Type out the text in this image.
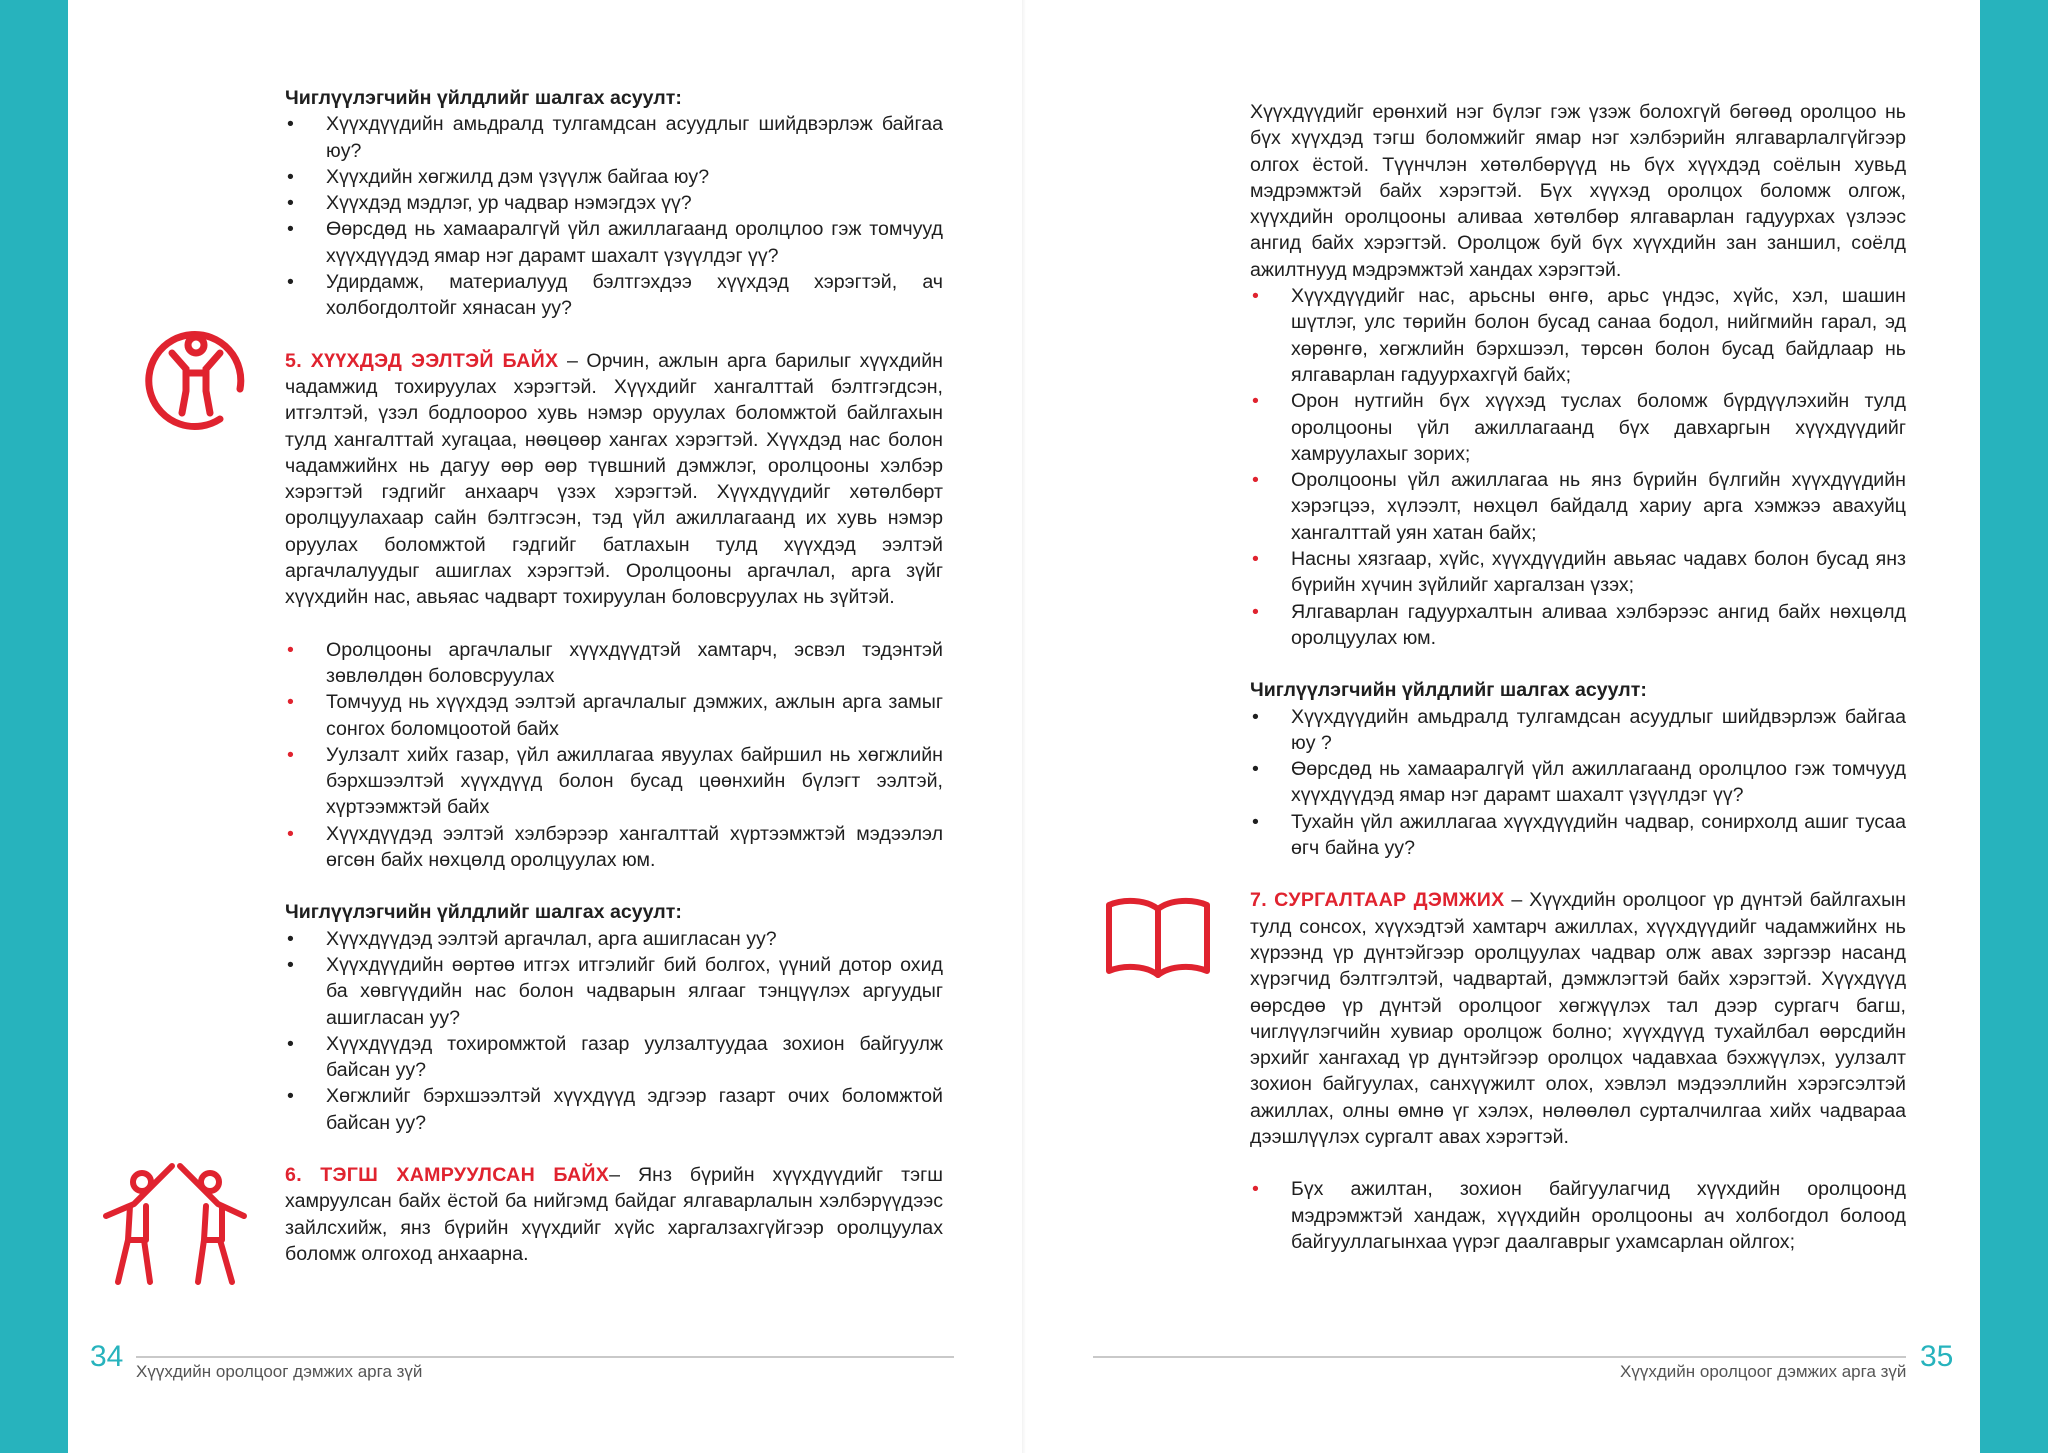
Чиглүүлэгчийн үйлдлийг шалгах асуулт:
• Хүүхдүүдийн амьдралд тулгамдсан асуудлыг шийдвэрлэж байгаа юу?
• Хүүхдийн хөгжилд дэм үзүүлж байгаа юу?
• Хүүхдэд мэдлэг, ур чадвар нэмэгдэх үү?
• Өөрсдөд нь хамааралгүй үйл ажиллагаанд оролцлоо гэж томчууд хүүхдүүдэд ямар нэг дарамт шахалт үзүүлдэг үү?
• Удирдамж, материалууд бэлтгэхдээ хүүхдэд хэрэгтэй, ач холбогдолтойг хянасан уу?

5. ХҮҮХДЭД ЭЭЛТЭЙ БАЙХ – Орчин, ажлын арга барилыг хүүхдийн чадамжид тохируулах хэрэгтэй. Хүүхдийг хангалттай бэлтгэгдсэн, итгэлтэй, үзэл бодлоороо хувь нэмэр оруулах боломжтой байлгахын тулд хангалттай хугацаа, нөөцөөр хангах хэрэгтэй. Хүүхдэд нас болон чадамжийнх нь дагуу өөр өөр түвшний дэмжлэг, оролцооны хэлбэр хэрэгтэй гэдгийг анхаарч үзэх хэрэгтэй. Хүүхдүүдийг хөтөлбөрт оролцуулахаар сайн бэлтгэсэн, тэд үйл ажиллагаанд их хувь нэмэр оруулах боломжтой гэдгийг батлахын тулд хүүхдэд ээлтэй аргачлалуудыг ашиглах хэрэгтэй. Оролцооны аргачлал, арга зүйг хүүхдийн нас, авьяас чадварт тохируулан боловсруулах нь зүйтэй.

• Оролцооны аргачлалыг хүүхдүүдтэй хамтарч, эсвэл тэдэнтэй зөвлөлдөн боловсруулах
• Томчууд нь хүүхдэд ээлтэй аргачлалыг дэмжих, ажлын арга замыг сонгох боломцоотой байх
• Уулзалт хийх газар, үйл ажиллагаа явуулах байршил нь хөгжлийн бэрхшээлтэй хүүхдүүд болон бусад цөөнхийн бүлэгт ээлтэй, хүртээмжтэй байх
• Хүүхдүүдэд ээлтэй хэлбэрээр хангалттай хүртээмжтэй мэдээлэл өгсөн байх нөхцөлд оролцуулах юм.
Чиглүүлэгчийн үйлдлийг шалгах асуулт:
• Хүүхдүүдэд ээлтэй аргачлал, арга ашигласан уу?
• Хүүхдүүдийн өөртөө итгэх итгэлийг бий болгох, үүний дотор охид ба хөвгүүдийн нас болон чадварын ялгааг тэнцүүлэх аргуудыг ашигласан уу?
• Хүүхдүүдэд тохиромжтой газар уулзалтуудаа зохион байгуулж байсан уу?
• Хөгжлийг бэрхшээлтэй хүүхдүүд эдгээр газарт очих боломжтой байсан уу?

6. ТЭГШ ХАМРУУЛСАН БАЙХ– Янз бүрийн хүүхдүүдийг тэгш хамруулсан байх ёстой ба нийгэмд байдаг ялгаварлалын хэлбэрүүдээс зайлсхийж, янз бүрийн хүүхдийг хүйс харгалзахгүйгээр оролцуулах боломж олгоход анхаарна.

34 Хүүхдийн оролцоог дэмжих арга зүй

Хүүхдүүдийг ерөнхий нэг бүлэг гэж үзэж болохгүй бөгөөд оролцоо нь бүх хүүхдэд тэгш боломжийг ямар нэг хэлбэрийн ялгаварлалгүйгээр олгох ёстой. Түүнчлэн хөтөлбөрүүд нь бүх хүүхдэд соёлын хувьд мэдрэмжтэй байх хэрэгтэй. Бүх хүүхэд оролцох боломж олгож, хүүхдийн оролцооны аливаа хөтөлбөр ялгаварлан гадуурхах үзлээс ангид байх хэрэгтэй. Оролцож буй бүх хүүхдийн зан заншил, соёлд ажилтнууд мэдрэмжтэй хандах хэрэгтэй.

• Хүүхдүүдийг нас, арьсны өнгө, арьс үндэс, хүйс, хэл, шашин шүтлэг, улс төрийн болон бусад санаа бодол, нийгмийн гарал, эд хөрөнгө, хөгжлийн бэрхшээл, төрсөн болон бусад байдлаар нь ялгаварлан гадуурхахгүй байх;
• Орон нутгийн бүх хүүхэд туслах боломж бүрдүүлэхийн тулд оролцооны үйл ажиллагаанд бүх давхаргын хүүхдүүдийг хамруулахыг зорих;
• Оролцооны үйл ажиллагаа нь янз бүрийн бүлгийн хүүхдүүдийн хэрэгцээ, хүлээлт, нөхцөл байдалд хариу арга хэмжээ авахуйц хангалттай уян хатан байх;
• Насны хязгаар, хүйс, хүүхдүүдийн авьяас чадавх болон бусад янз бүрийн хүчин зүйлийг харгалзан үзэх;
• Ялгаварлан гадуурхалтын аливаа хэлбэрээс ангид байх нөхцөлд оролцуулах юм.
Чиглүүлэгчийн үйлдлийг шалгах асуулт:
• Хүүхдүүдийн амьдралд тулгамдсан асуудлыг шийдвэрлэж байгаа юу ?
• Өөрсдөд нь хамааралгүй үйл ажиллагаанд оролцлоо гэж томчууд хүүхдүүдэд ямар нэг дарамт шахалт үзүүлдэг үү?
• Тухайн үйл ажиллагаа хүүхдүүдийн чадвар, сонирхолд ашиг тусаа өгч байна уу?

7. СУРГАЛТААР ДЭМЖИХ – Хүүхдийн оролцоог үр дүнтэй байлгахын тулд сонсох, хүүхэдтэй хамтарч ажиллах, хүүхдүүдийг чадамжийнх нь хүрээнд үр дүнтэйгээр оролцуулах чадвар олж авах зэргээр насанд хүрэгчид бэлтгэлтэй, чадвартай, дэмжлэгтэй байх хэрэгтэй. Хүүхдүүд өөрсдөө үр дүнтэй оролцоог хөгжүүлэх тал дээр сургагч багш, чиглүүлэгчийн хувиар оролцож болно; хүүхдүүд тухайлбал өөрсдийн эрхийг хангахад үр дүнтэйгээр оролцох чадавхаа бэхжүүлэх, уулзалт зохион байгуулах, санхүүжилт олох, хэвлэл мэдээллийн хэрэгсэлтэй ажиллах, олны өмнө үг хэлэх, нөлөөлөл сурталчилгаа хийх чадвараа дээшлүүлэх сургалт авах хэрэгтэй.

• Бүх ажилтан, зохион байгуулагчид хүүхдийн оролцоонд мэдрэмжтэй хандаж, хүүхдийн оролцооны ач холбогдол болоод байгууллагынхаа үүрэг даалгаврыг ухамсарлан ойлгох;
35
Хүүхдийн оролцоог дэмжих арга зүй
